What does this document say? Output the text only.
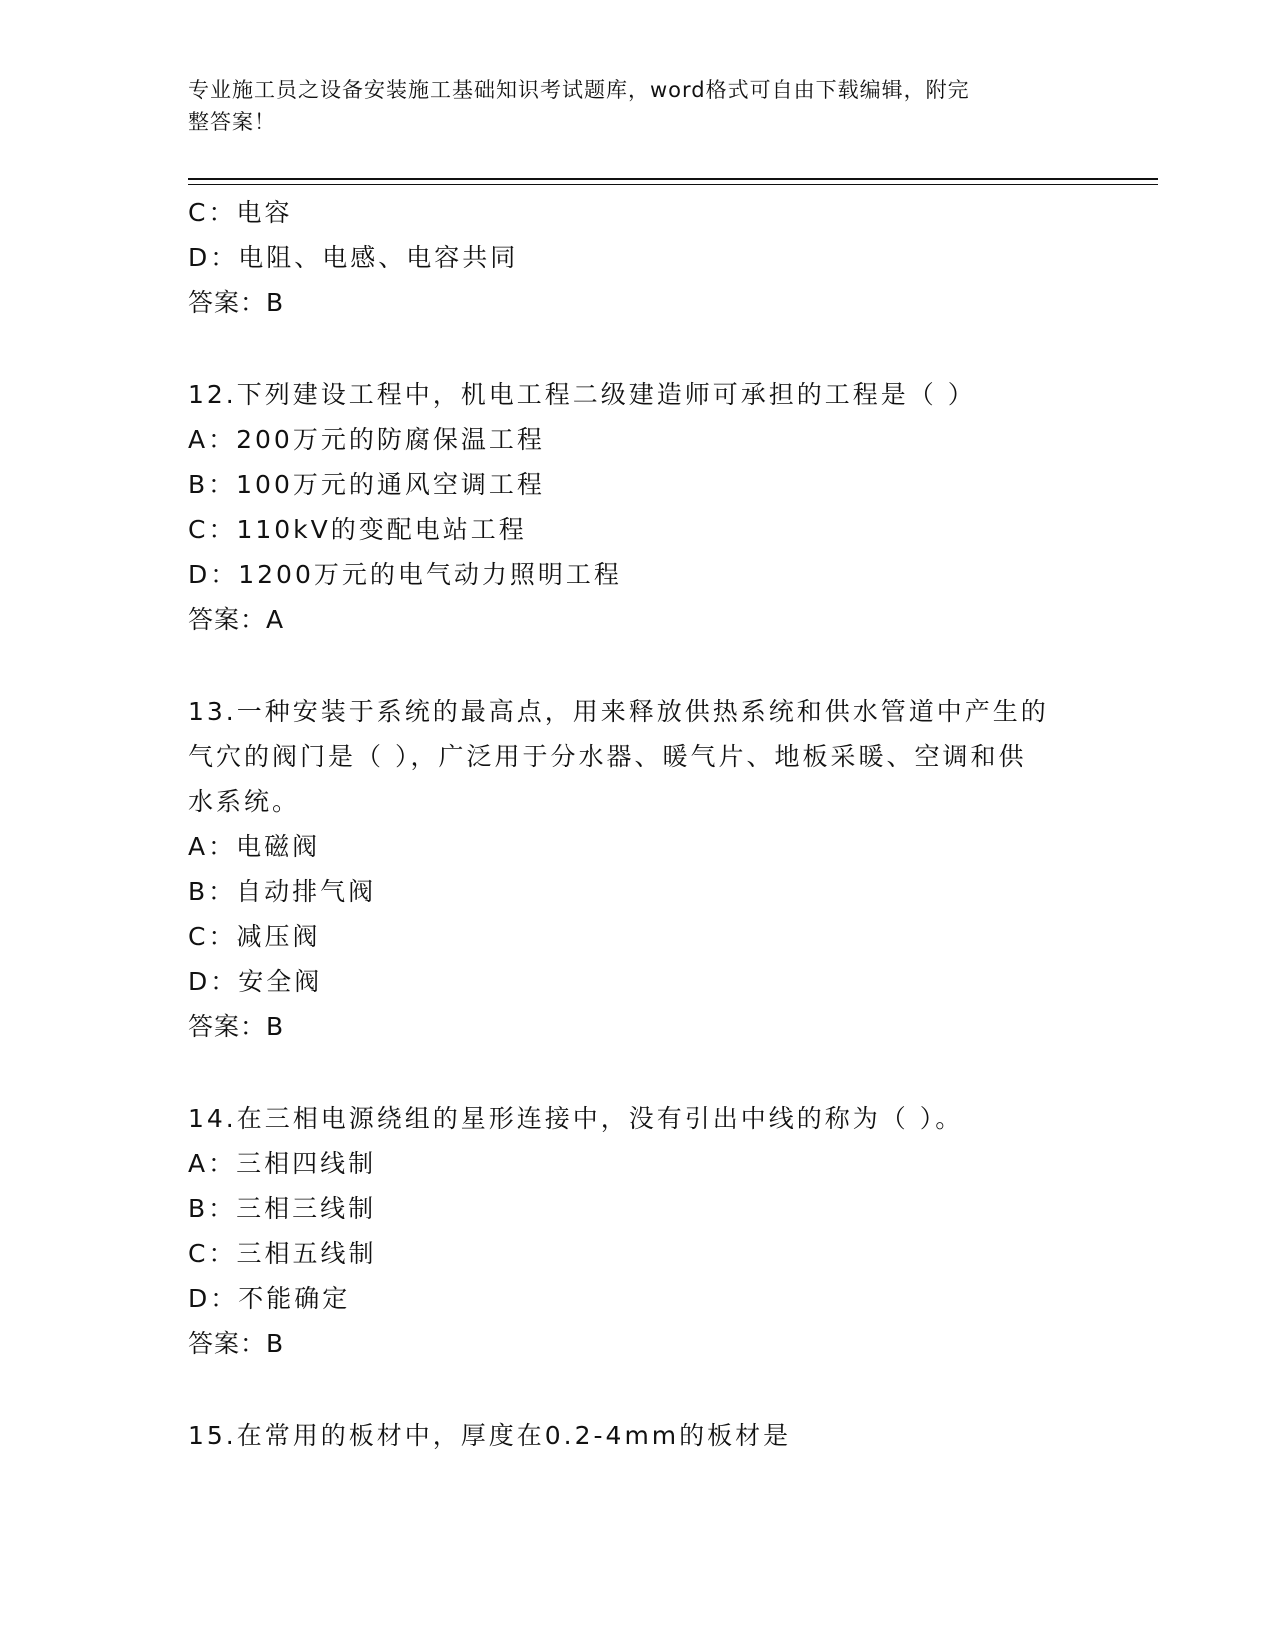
专业施工员之设备安装施工基础知识考试题库，word格式可自由下载编辑，附完
整答案！
C：电容
D：电阻、电感、电容共同
答案：B
12.下列建设工程中，机电工程二级建造师可承担的工程是（ ）
A：200万元的防腐保温工程
B：100万元的通风空调工程
C：110kV的变配电站工程
D：1200万元的电气动力照明工程
答案：A
13.一种安装于系统的最高点，用来释放供热系统和供水管道中产生的
气穴的阀门是（ ），广泛用于分水器、暖气片、地板采暖、空调和供
水系统。
A：电磁阀
B：自动排气阀
C：减压阀
D：安全阀
答案：B
14.在三相电源绕组的星形连接中，没有引出中线的称为（ ）。
A：三相四线制
B：三相三线制
C：三相五线制
D：不能确定
答案：B
15.在常用的板材中，厚度在0.2-4mm的板材是
